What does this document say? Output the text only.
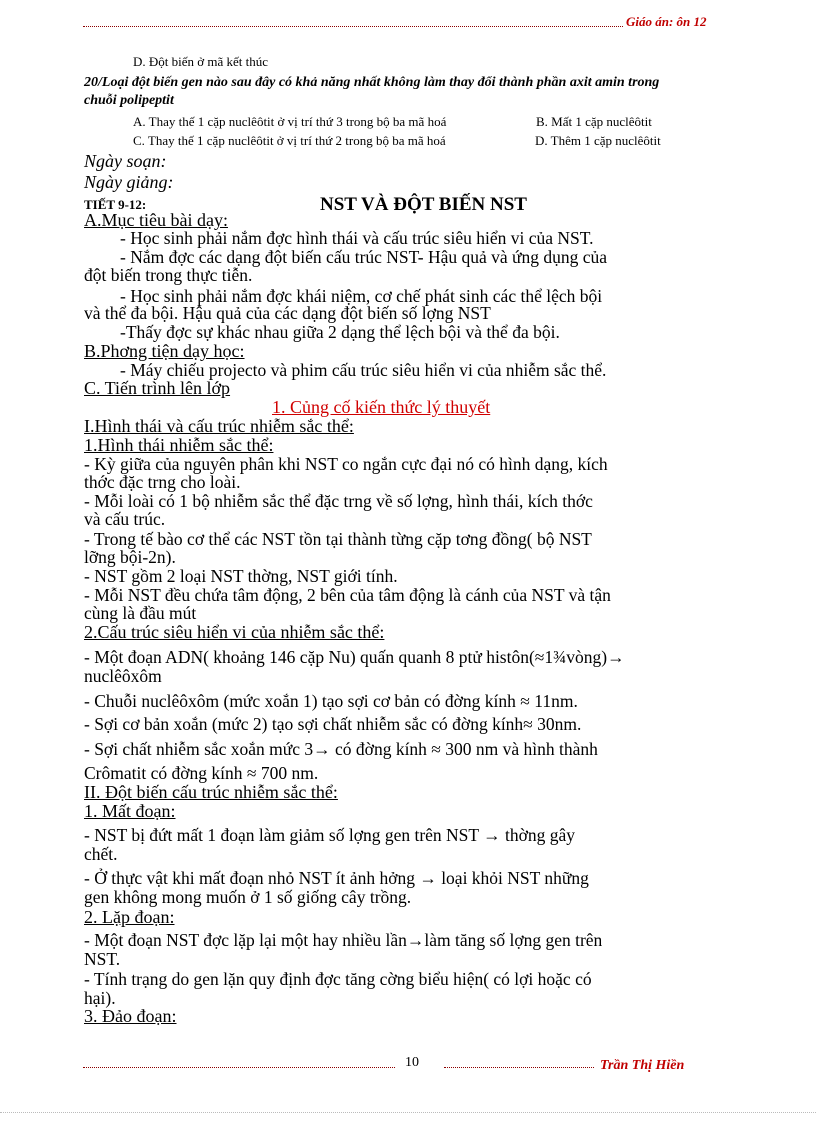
Giáo án: ôn 12
D. Đột biến ở mã kết thúc
20/Loại đột biến gen nào sau đây có khả năng nhất không làm thay đổi thành phần axit amin trong
chuỗi polipeptit
A. Thay thế 1 cặp nuclêôtit ở vị trí thứ 3 trong bộ ba mã hoá	B. Mất 1 cặp nuclêôtit
C. Thay thế 1 cặp nuclêôtit ở vị trí thứ 2 trong bộ ba mã hoá	D. Thêm 1 cặp nuclêôtit
Ngày soạn:
Ngày giảng:
TIẾT 9-12:	NST VÀ ĐỘT BIẾN NST
A.Mục tiêu bài dạy:
- Học sinh phải nắm đợc hình thái và cấu trúc siêu hiển vi của NST.
- Nắm đợc các dạng đột biến cấu trúc NST- Hậu quả và ứng dụng của
đột biến trong thực tiễn.
- Học sinh phải nắm đợc khái niệm, cơ chế phát sinh các thể lệch bội
và thể đa bội. Hậu quả của các dạng đột biến số lợng NST
-Thấy đợc sự khác nhau giữa 2 dạng thể lệch bội và thể đa bội.
B.Phơng tiện dạy học:
- Máy chiếu projecto và phim cấu trúc siêu hiển vi của nhiễm sắc thể.
C. Tiến trình lên lớp
1. Củng cố kiến thức lý thuyết
I.Hình thái và cấu trúc nhiễm sắc thể:
1.Hình thái nhiễm sắc thể:
- Kỳ giữa của nguyên phân khi NST co ngắn cực đại nó có hình dạng, kích
thớc đặc trng cho loài.
- Mỗi loài có 1 bộ nhiễm sắc thể đặc trng về số lợng, hình thái, kích thớc
và cấu trúc.
- Trong tế bào cơ thể các NST tồn tại thành từng cặp tơng đồng( bộ NST
lỡng bội-2n).
- NST gồm 2 loại NST thờng, NST giới tính.
- Mỗi NST đều chứa tâm động, 2 bên của tâm động là cánh của NST và tận
cùng là đầu mút
2.Cấu trúc siêu hiển vi của nhiễm sắc thể:
- Một đoạn ADN( khoảng 146 cặp Nu) quấn quanh 8 ptử histôn(≈1¾vòng)→
nuclêôxôm
- Chuỗi nuclêôxôm (mức xoắn 1) tạo sợi cơ bản có đờng kính ≈ 11nm.
- Sợi cơ bản xoắn (mức 2) tạo sợi chất nhiễm sắc có đờng kính≈ 30nm.
- Sợi chất nhiễm sắc xoắn mức 3→ có đờng kính ≈ 300 nm và hình thành
Crômatit có đờng kính ≈ 700 nm.
II. Đột biến cấu trúc nhiễm sắc thể:
1. Mất đoạn:
- NST bị đứt mất 1 đoạn làm giảm số lợng gen trên NST → thờng gây
chết.
- Ở thực vật khi mất đoạn nhỏ NST ít ảnh hởng → loại khỏi NST những
gen không mong muốn ở 1 số giống cây trồng.
2. Lặp đoạn:
- Một đoạn NST đợc lặp lại một hay nhiều lần→làm tăng số lợng gen trên
NST.
- Tính trạng do gen lặn quy định đợc tăng cờng biểu hiện( có lợi hoặc có
hại).
3. Đảo đoạn:
10	Trần Thị Hiền
